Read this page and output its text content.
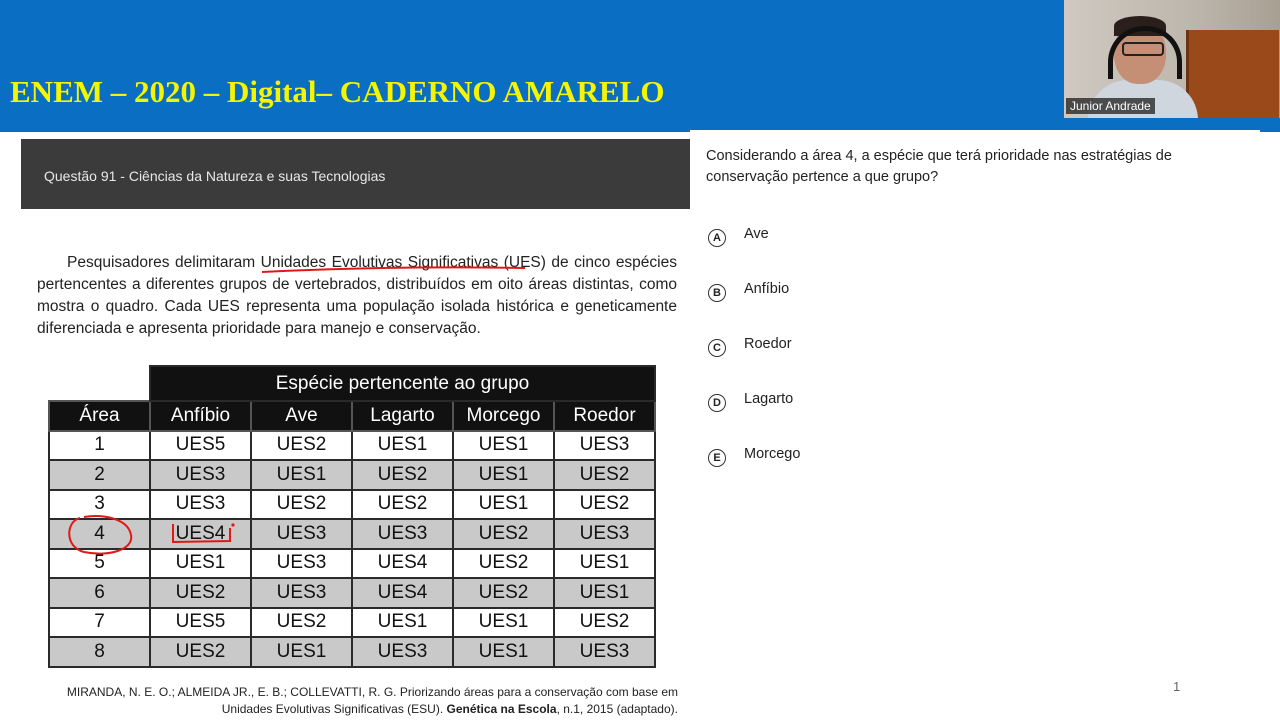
ENEM – 2020 – Digital– CADERNO AMARELO	Junior Andrade
Questão 91 - Ciências da Natureza e suas Tecnologias

Pesquisadores delimitaram Unidades Evolutivas Significativas (UES) de cinco espécies pertencentes a diferentes grupos de vertebrados, distribuídos em oito áreas distintas, como mostra o quadro. Cada UES representa uma população isolada histórica e geneticamente diferenciada e apresenta prioridade para manejo e conservação.

	Espécie pertencente ao grupo				
Área	Anfíbio	Ave	Lagarto	Morcego	Roedor
1	UES5	UES2	UES1	UES1	UES3
2	UES3	UES1	UES2	UES1	UES2
3	UES3	UES2	UES2	UES1	UES2
4	UES4	UES3	UES3	UES2	UES3
5	UES1	UES3	UES4	UES2	UES1
6	UES2	UES3	UES4	UES2	UES1
7	UES5	UES2	UES1	UES1	UES2
8	UES2	UES1	UES3	UES1	UES3
MIRANDA, N. E. O.; ALMEIDA JR., E. B.; COLLEVATTI, R. G. Priorizando áreas para a conservação com base em
Unidades Evolutivas Significativas (ESU). Genética na Escola, n.1, 2015 (adaptado).

Considerando a área 4, a espécie que terá prioridade nas estratégias de conservação pertence a que grupo?

A	Ave
B	Anfíbio
C	Roedor
D	Lagarto
E	Morcego
1
